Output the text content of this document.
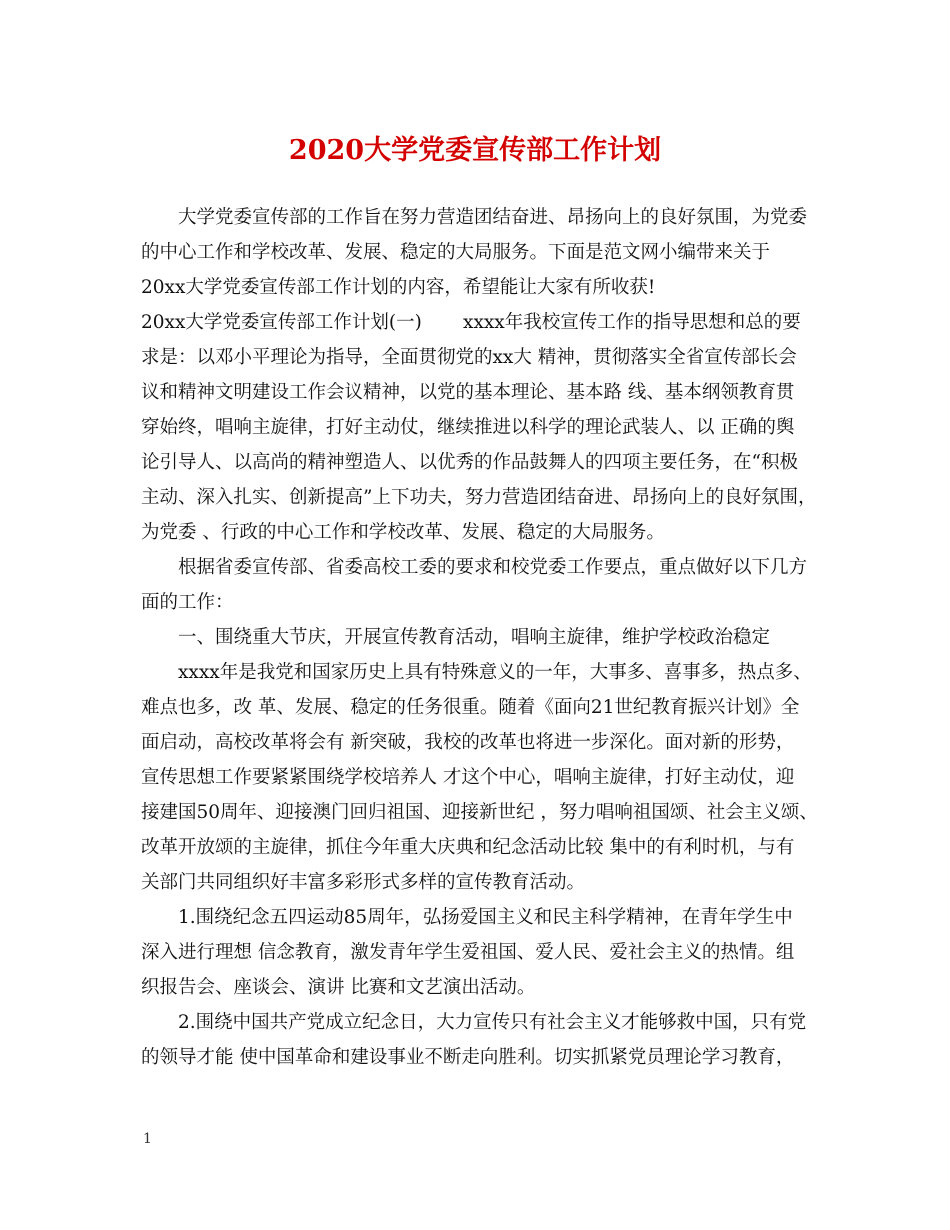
2020大学党委宣传部工作计划
大学党委宣传部的工作旨在努力营造团结奋进、昂扬向上的良好氛围，为党委
的中心工作和学校改革、发展、稳定的大局服务。下面是范文网小编带来关于
20xx大学党委宣传部工作计划的内容，希望能让大家有所收获!
20xx大学党委宣传部工作计划(一)       xxxx年我校宣传工作的指导思想和总的要
求是：以邓小平理论为指导，全面贯彻党的xx大 精神，贯彻落实全省宣传部长会
议和精神文明建设工作会议精神，以党的基本理论、基本路 线、基本纲领教育贯
穿始终，唱响主旋律，打好主动仗，继续推进以科学的理论武装人、以 正确的舆
论引导人、以高尚的精神塑造人、以优秀的作品鼓舞人的四项主要任务，在“积极
主动、深入扎实、创新提高”上下功夫，努力营造团结奋进、昂扬向上的良好氛围，
为党委 、行政的中心工作和学校改革、发展、稳定的大局服务。
根据省委宣传部、省委高校工委的要求和校党委工作要点，重点做好以下几方
面的工作：
一、围绕重大节庆，开展宣传教育活动，唱响主旋律，维护学校政治稳定
xxxx年是我党和国家历史上具有特殊意义的一年，大事多、喜事多，热点多、
难点也多，改 革、发展、稳定的任务很重。随着《面向21世纪教育振兴计划》全
面启动，高校改革将会有 新突破，我校的改革也将进一步深化。面对新的形势，
宣传思想工作要紧紧围绕学校培养人 才这个中心，唱响主旋律，打好主动仗，迎
接建国50周年、迎接澳门回归祖国、迎接新世纪 ，努力唱响祖国颂、社会主义颂、
改革开放颂的主旋律，抓住今年重大庆典和纪念活动比较 集中的有利时机，与有
关部门共同组织好丰富多彩形式多样的宣传教育活动。
1.围绕纪念五四运动85周年，弘扬爱国主义和民主科学精神，在青年学生中
深入进行理想 信念教育，激发青年学生爱祖国、爱人民、爱社会主义的热情。组
织报告会、座谈会、演讲 比赛和文艺演出活动。
2.围绕中国共产党成立纪念日，大力宣传只有社会主义才能够救中国，只有党
的领导才能 使中国革命和建设事业不断走向胜利。切实抓紧党员理论学习教育，
1
